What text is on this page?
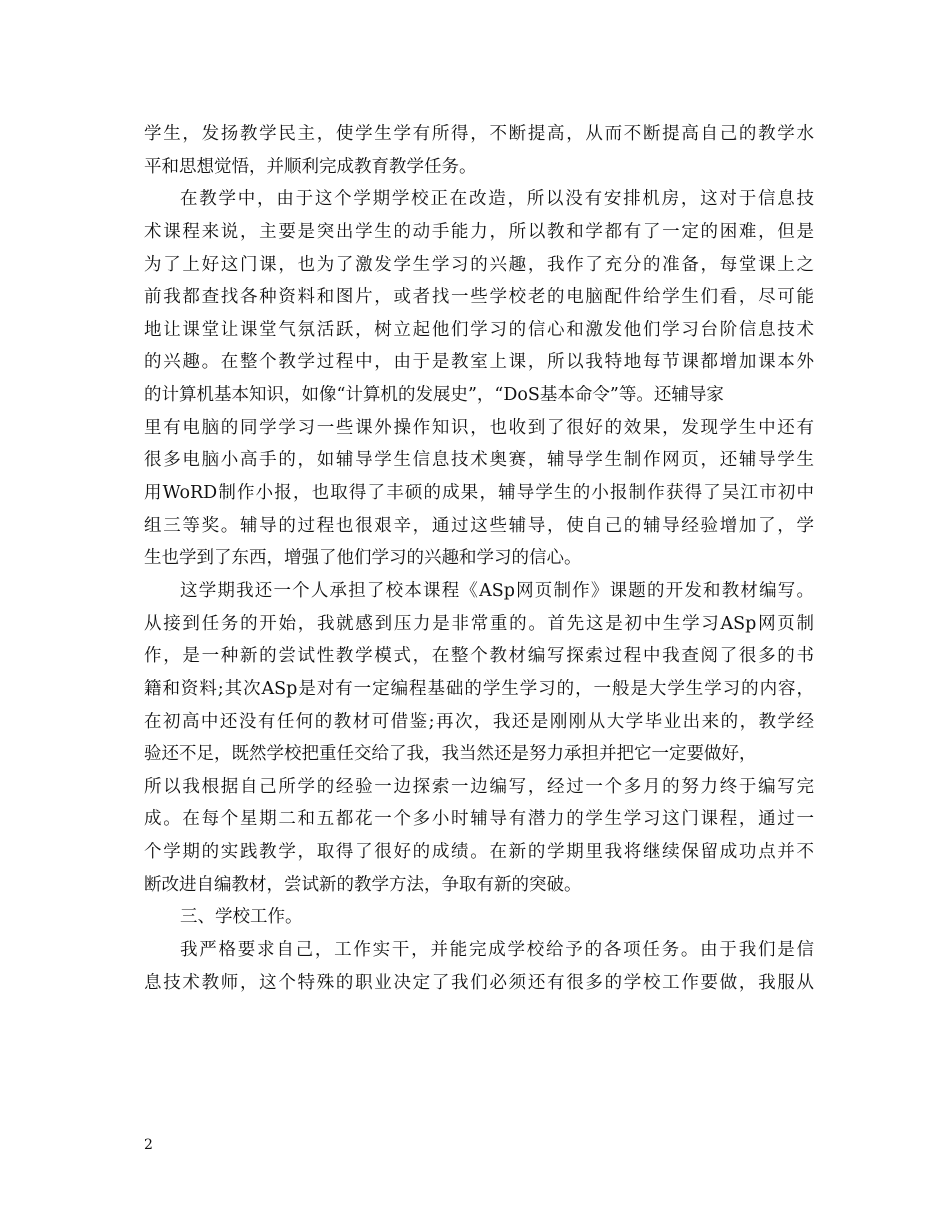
学生，发扬教学民主，使学生学有所得，不断提高，从而不断提高自己的教学水
平和思想觉悟，并顺利完成教育教学任务。
在教学中，由于这个学期学校正在改造，所以没有安排机房，这对于信息技
术课程来说，主要是突出学生的动手能力，所以教和学都有了一定的困难，但是
为了上好这门课，也为了激发学生学习的兴趣，我作了充分的准备，每堂课上之
前我都查找各种资料和图片，或者找一些学校老的电脑配件给学生们看，尽可能
地让课堂让课堂气氛活跃，树立起他们学习的信心和激发他们学习台阶信息技术
的兴趣。在整个教学过程中，由于是教室上课，所以我特地每节课都增加课本外
的计算机基本知识，如像“计算机的发展史”，“DoS基本命令”等。还辅导家
里有电脑的同学学习一些课外操作知识，也收到了很好的效果，发现学生中还有
很多电脑小高手的，如辅导学生信息技术奥赛，辅导学生制作网页，还辅导学生
用WoRD制作小报，也取得了丰硕的成果，辅导学生的小报制作获得了吴江市初中
组三等奖。辅导的过程也很艰辛，通过这些辅导，使自己的辅导经验增加了，学
生也学到了东西，增强了他们学习的兴趣和学习的信心。
这学期我还一个人承担了校本课程《ASp网页制作》课题的开发和教材编写。
从接到任务的开始，我就感到压力是非常重的。首先这是初中生学习ASp网页制
作，是一种新的尝试性教学模式，在整个教材编写探索过程中我查阅了很多的书
籍和资料;其次ASp是对有一定编程基础的学生学习的，一般是大学生学习的内容，
在初高中还没有任何的教材可借鉴;再次，我还是刚刚从大学毕业出来的，教学经
验还不足，既然学校把重任交给了我，我当然还是努力承担并把它一定要做好，
所以我根据自己所学的经验一边探索一边编写，经过一个多月的努力终于编写完
成。在每个星期二和五都花一个多小时辅导有潜力的学生学习这门课程，通过一
个学期的实践教学，取得了很好的成绩。在新的学期里我将继续保留成功点并不
断改进自编教材，尝试新的教学方法，争取有新的突破。
三、学校工作。
我严格要求自己，工作实干，并能完成学校给予的各项任务。由于我们是信
息技术教师，这个特殊的职业决定了我们必须还有很多的学校工作要做，我服从
2
